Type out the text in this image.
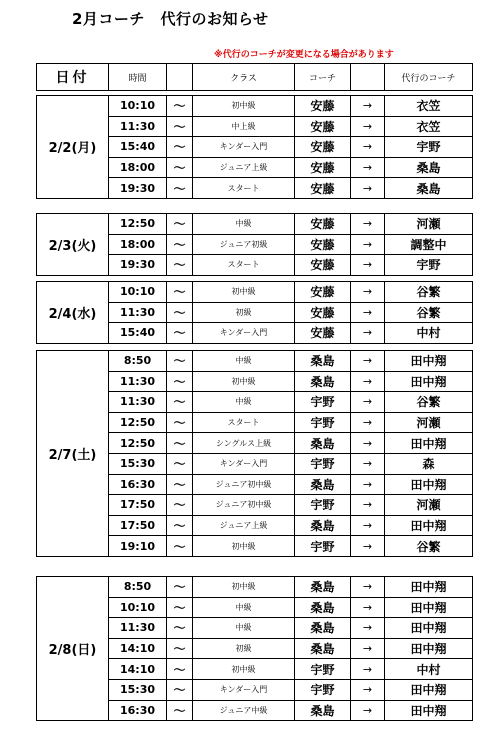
2月コーチ　代行のお知らせ
※代行のコーチが変更になる場合があります
日付	時間		クラス	コーチ		代行のコーチ
2/2(月)	10:10	～	初中級	安藤	→	衣笠
	11:30	～	中上級	安藤	→	衣笠
	15:40	～	キンダー入門	安藤	→	宇野
	18:00	～	ジュニア上級	安藤	→	桑島
	19:30	～	スタート	安藤	→	桑島
2/3(火)	12:50	～	中級	安藤	→	河瀬
	18:00	～	ジュニア初級	安藤	→	調整中
	19:30	～	スタート	安藤	→	宇野
2/4(水)	10:10	～	初中級	安藤	→	谷繁
	11:30	～	初級	安藤	→	谷繁
	15:40	～	キンダー入門	安藤	→	中村
2/7(土)	8:50	～	中級	桑島	→	田中翔
	11:30	～	初中級	桑島	→	田中翔
	11:30	～	中級	宇野	→	谷繁
	12:50	～	スタート	宇野	→	河瀬
	12:50	～	シングルス上級	桑島	→	田中翔
	15:30	～	キンダー入門	宇野	→	森
	16:30	～	ジュニア初中級	桑島	→	田中翔
	17:50	～	ジュニア初中級	宇野	→	河瀬
	17:50	～	ジュニア上級	桑島	→	田中翔
	19:10	～	初中級	宇野	→	谷繁
2/8(日)	8:50	～	初中級	桑島	→	田中翔
	10:10	～	中級	桑島	→	田中翔
	11:30	～	中級	桑島	→	田中翔
	14:10	～	初級	桑島	→	田中翔
	14:10	～	初中級	宇野	→	中村
	15:30	～	キンダー入門	宇野	→	田中翔
	16:30	～	ジュニア中級	桑島	→	田中翔
